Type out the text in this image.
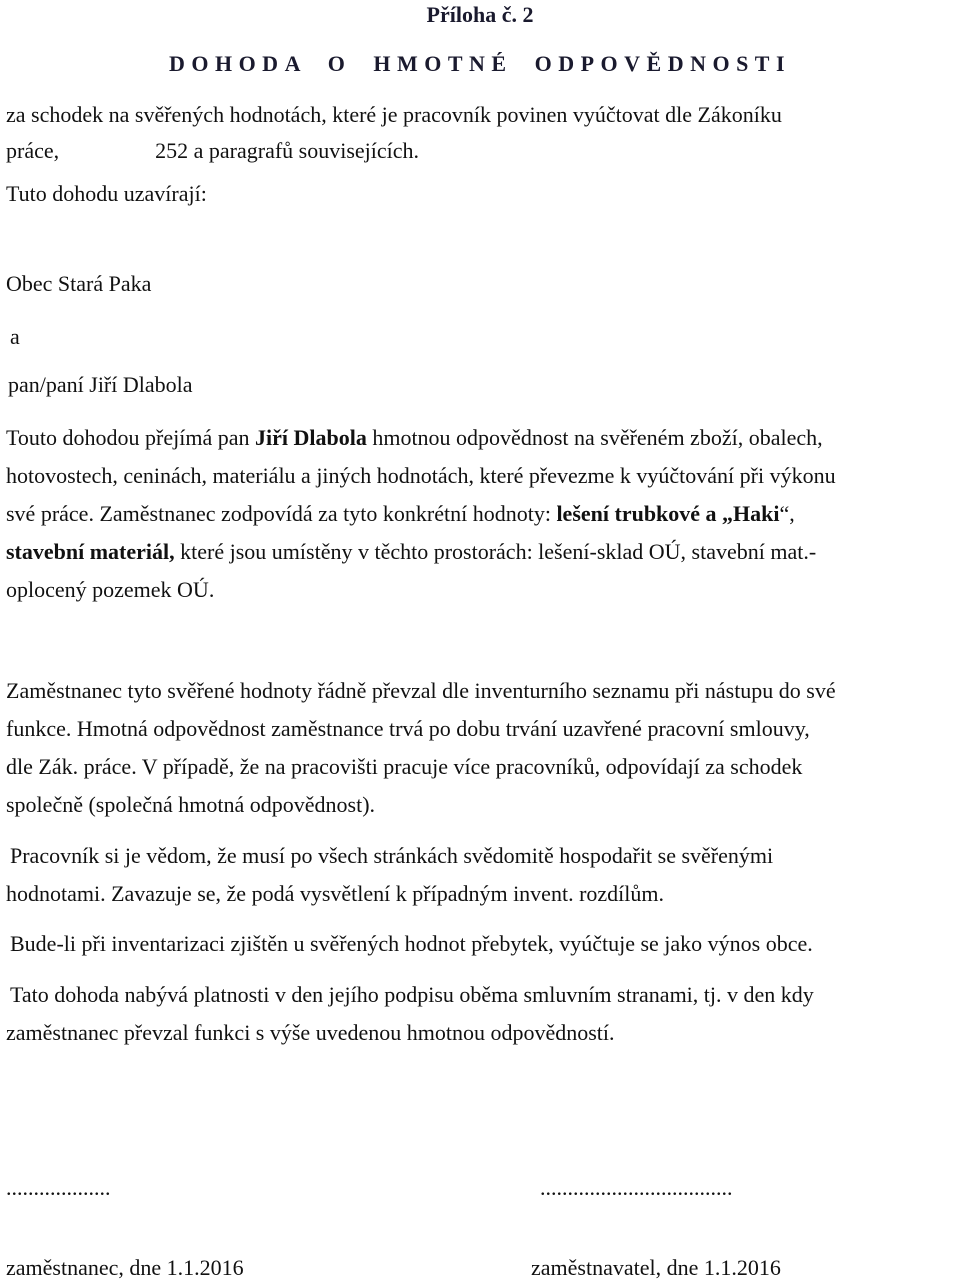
Příloha č. 2
DOHODA O HMOTNÉ ODPOVĚDNOSTI
za schodek na svěřených hodnotách, které je pracovník povinen vyúčtovat dle Zákoníku
práce,	252 a paragrafů souvisejících.
Tuto dohodu uzavírají:
Obec Stará Paka
a
pan/paní Jiří Dlabola
Touto dohodou přejímá pan Jiří Dlabola hmotnou odpovědnost na svěřeném zboží, obalech,
hotovostech, ceninách, materiálu a jiných hodnotách, které převezme k vyúčtování při výkonu
své práce. Zaměstnanec zodpovídá za tyto konkrétní hodnoty: lešení trubkové a „Haki“,
stavební materiál, které jsou umístěny v těchto prostorách: lešení-sklad OÚ, stavební mat.-
oplocený pozemek OÚ.
Zaměstnanec tyto svěřené hodnoty řádně převzal dle inventurního seznamu při nástupu do své
funkce. Hmotná odpovědnost zaměstnance trvá po dobu trvání uzavřené pracovní smlouvy,
dle Zák. práce. V případě, že na pracovišti pracuje více pracovníků, odpovídají za schodek
společně (společná hmotná odpovědnost).
Pracovník si je vědom, že musí po všech stránkách svědomitě hospodařit se svěřenými
hodnotami. Zavazuje se, že podá vysvětlení k případným invent. rozdílům.
Bude-li při inventarizaci zjištěn u svěřených hodnot přebytek, vyúčtuje se jako výnos obce.
Tato dohoda nabývá platnosti v den jejího podpisu oběma smluvním stranami, tj. v den kdy
zaměstnanec převzal funkci s výše uvedenou hmotnou odpovědností.
...................	...................................
zaměstnanec, dne 1.1.2016	zaměstnavatel, dne 1.1.2016
